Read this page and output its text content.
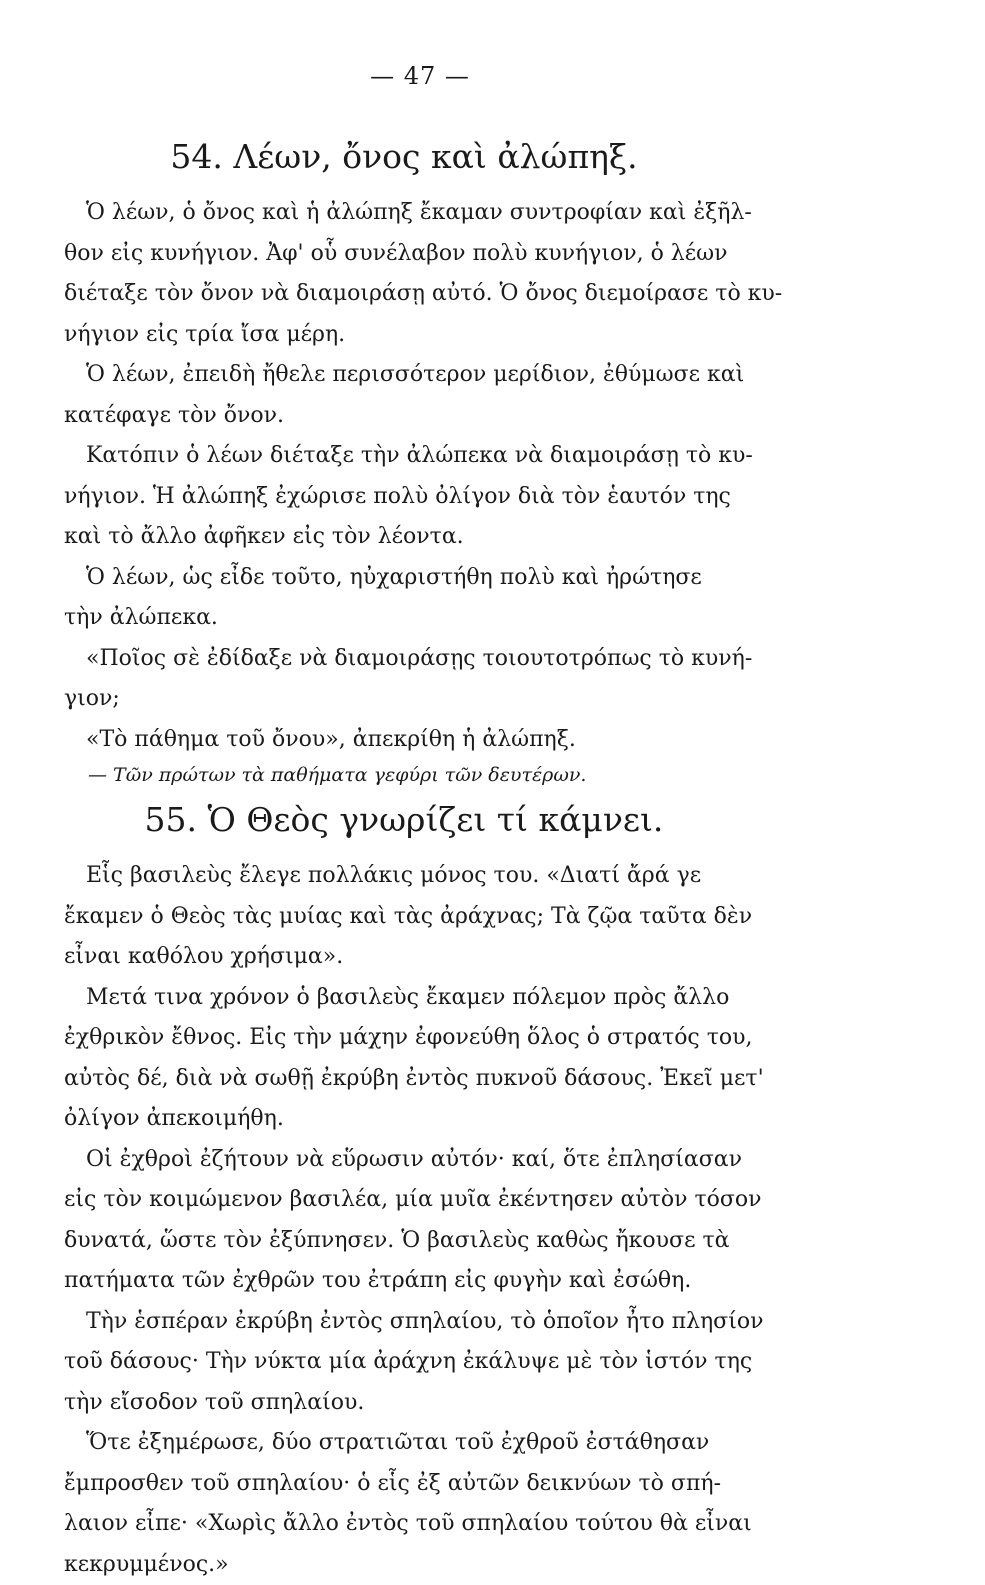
— 47 —
54. Λέων, ὄνος καὶ ἀλώπηξ.

Ὁ λέων, ὁ ὄνος καὶ ἡ ἀλώπηξ ἔκαμαν συντροφίαν καὶ ἐξῆλ-
θον εἰς κυνήγιον. Ἀφ' οὗ συνέλαβον πολὺ κυνήγιον, ὁ λέων
διέταξε τὸν ὄνον νὰ διαμοιράσῃ αὐτό. Ὁ ὄνος διεμοίρασε τὸ κυ-
νήγιον εἰς τρία ἴσα μέρη.

Ὁ λέων, ἐπειδὴ ἤθελε περισσότερον μερίδιον, ἐθύμωσε καὶ
κατέφαγε τὸν ὄνον.

Κατόπιν ὁ λέων διέταξε τὴν ἀλώπεκα νὰ διαμοιράσῃ τὸ κυ-
νήγιον. Ἡ ἀλώπηξ ἐχώρισε πολὺ ὀλίγον διὰ τὸν ἑαυτόν της
καὶ τὸ ἄλλο ἀφῆκεν εἰς τὸν λέοντα.

Ὁ λέων, ὡς εἶδε τοῦτο, ηὐχαριστήθη πολὺ καὶ ἠρώτησε
τὴν ἀλώπεκα.

«Ποῖος σὲ ἐδίδαξε νὰ διαμοιράσῃς τοιουτοτρόπως τὸ κυνή-
γιον;

«Τὸ πάθημα τοῦ ὄνου», ἀπεκρίθη ἡ ἀλώπηξ.

— Τῶν πρώτων τὰ παθήματα γεφύρι τῶν δευτέρων.
55. Ὁ Θεὸς γνωρίζει τί κάμνει.

Εἷς βασιλεὺς ἔλεγε πολλάκις μόνος του. «Διατί ἄρά γε
ἔκαμεν ὁ Θεὸς τὰς μυίας καὶ τὰς ἀράχνας; Τὰ ζῷα ταῦτα δὲν
εἶναι καθόλου χρήσιμα».

Μετά τινα χρόνον ὁ βασιλεὺς ἔκαμεν πόλεμον πρὸς ἄλλο
ἐχθρικὸν ἔθνος. Εἰς τὴν μάχην ἐφονεύθη ὅλος ὁ στρατός του,
αὐτὸς δέ, διὰ νὰ σωθῇ ἐκρύβη ἐντὸς πυκνοῦ δάσους. Ἐκεῖ μετ'
ὀλίγον ἀπεκοιμήθη.

Οἱ ἐχθροὶ ἐζήτουν νὰ εὕρωσιν αὐτόν· καί, ὅτε ἐπλησίασαν
εἰς τὸν κοιμώμενον βασιλέα, μία μυῖα ἐκέντησεν αὐτὸν τόσον
δυνατά, ὥστε τὸν ἐξύπνησεν. Ὁ βασιλεὺς καθὼς ἤκουσε τὰ
πατήματα τῶν ἐχθρῶν του ἐτράπη εἰς φυγὴν καὶ ἐσώθη.

Τὴν ἑσπέραν ἐκρύβη ἐντὸς σπηλαίου, τὸ ὁποῖον ἦτο πλησίον
τοῦ δάσους· Τὴν νύκτα μία ἀράχνη ἐκάλυψε μὲ τὸν ἱστόν της
τὴν εἴσοδον τοῦ σπηλαίου.

Ὅτε ἐξημέρωσε, δύο στρατιῶται τοῦ ἐχθροῦ ἐστάθησαν
ἔμπροσθεν τοῦ σπηλαίου· ὁ εἷς ἐξ αὐτῶν δεικνύων τὸ σπή-
λαιον εἶπε· «Χωρὶς ἄλλο ἐντὸς τοῦ σπηλαίου τούτου θὰ εἶναι
κεκρυμμένος.»
